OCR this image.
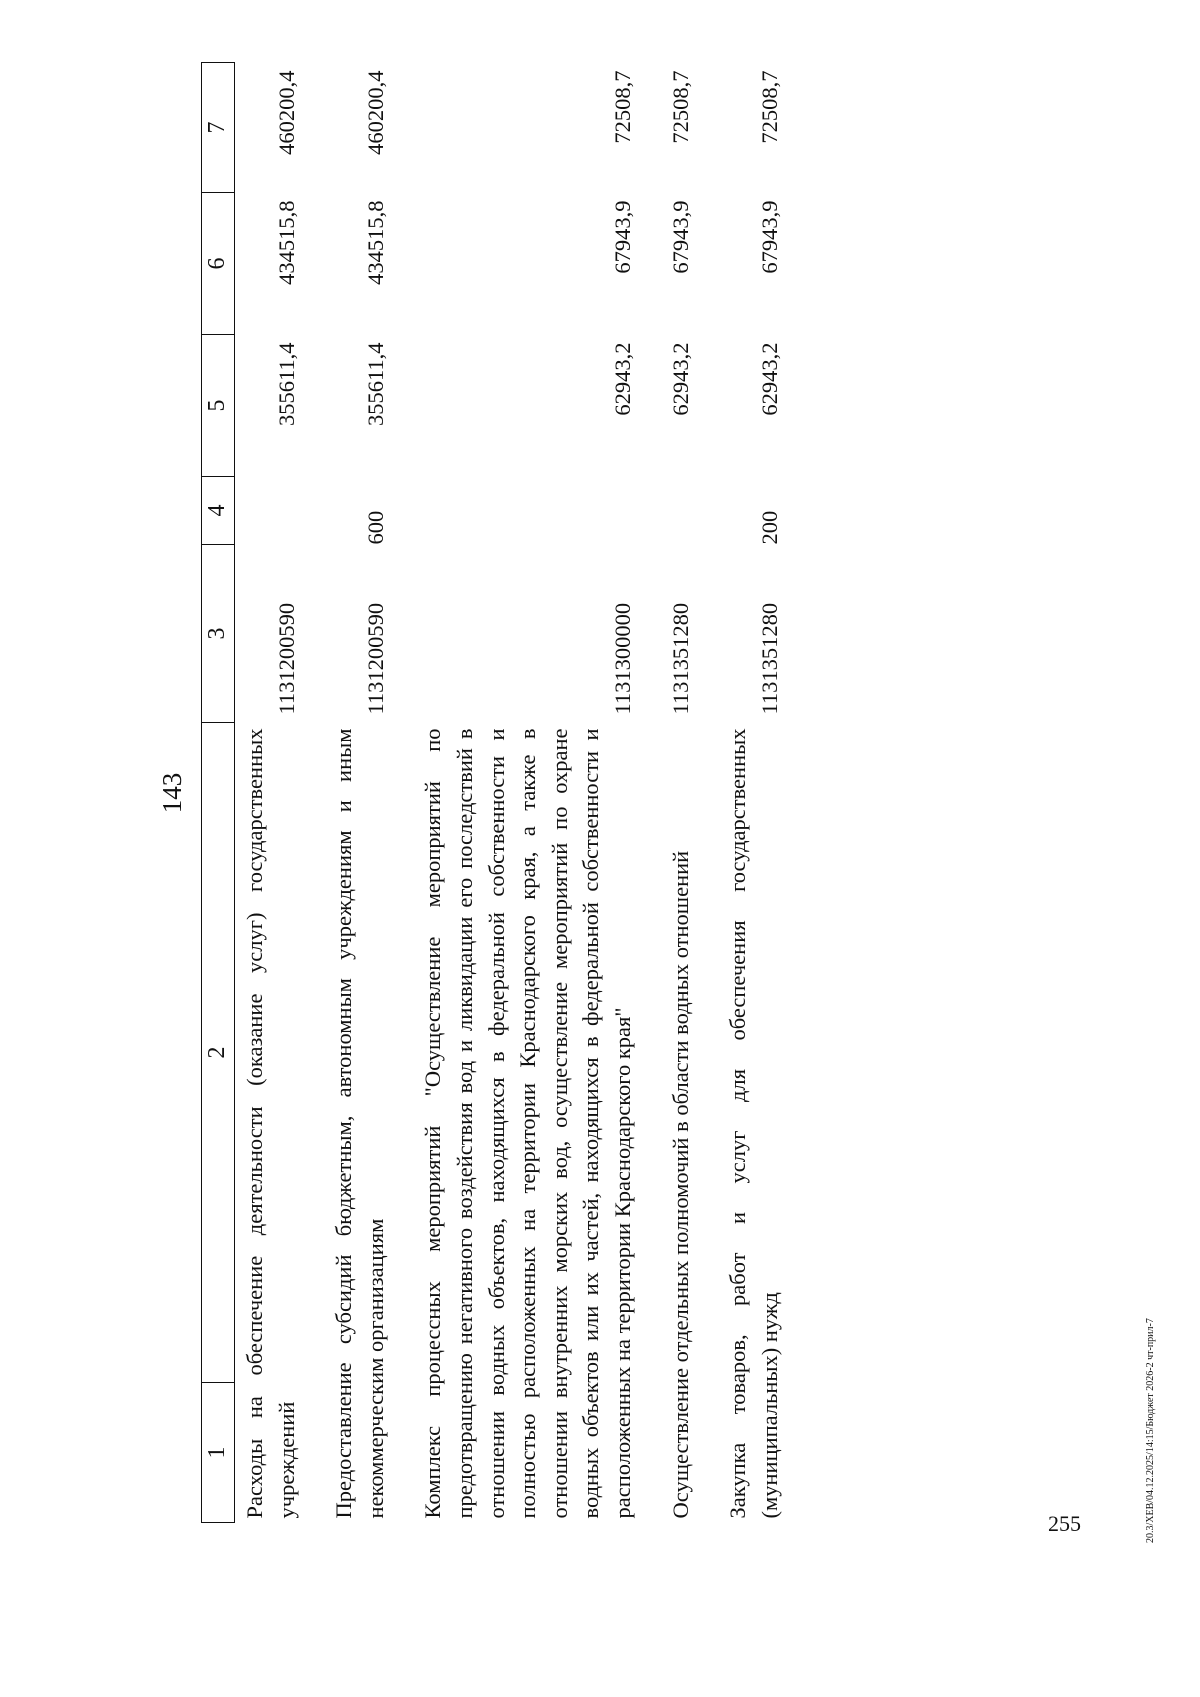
143
1	2	3	4	5	6	7
Расходы на обеспечение деятельности (оказание услуг) государственных учреждений		1131200590		355611,4	434515,8	460200,4
Предоставление субсидий бюджетным, автономным учреждениям и иным некоммерческим организациям		1131200590	600	355611,4	434515,8	460200,4
Комплекс процессных мероприятий "Осуществление мероприятий по предотвращению негативного воздействия вод и ликвидации его последствий в отношении водных объектов, находящихся в федеральной собственности и полностью расположенных на территории Краснодарского края, а также в отношении внутренних морских вод, осуществление мероприятий по охране водных объектов или их частей, находящихся в федеральной собственности и расположенных на территории Краснодарского края"		1131300000		62943,2	67943,9	72508,7
Осуществление отдельных полномочий в области водных отношений		1131351280		62943,2	67943,9	72508,7
Закупка товаров, работ и услуг для обеспечения государственных (муниципальных) нужд		1131351280	200	62943,2	67943,9	72508,7
20.3/XEB/04.12.2025/14:15/Бюджет 2026-2 чт-прил-7
255
